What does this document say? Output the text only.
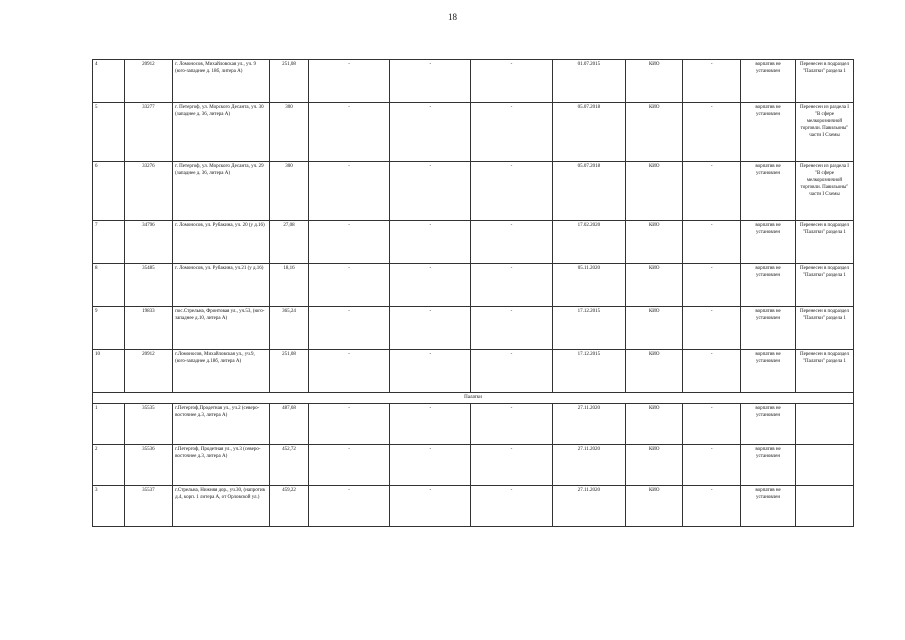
18
4	20912	г. Ломоносов, Михайловская ул., уч. 9 (юго-западнее д. 18б, литера А)	251,08	-	-	-	01.07.2015	КИО	-	ворпатив не установлен	Перенесен в подраздел "Палатки" раздела 1
5	33277	г. Петергоф, ул. Морского Десанта, уч. 30 (западнее д. 36, литера А)	300	-	-	-	05.07.2018	КИО	-	ворпатив не установлен	Перенесен из раздела I "В сфере мелкорозничной торговли. Павильоны" части I Схемы
6	33276	г. Петергоф, ул. Морского Десанта, уч. 29 (западнее д. 36, литера А)	300	-	-	-	05.07.2018	КИО	-	ворпатив не установлен	Перенесен из раздела I "В сфере мелкорозничной торговли. Павильоны" части I Схемы
7	34796	г. Ломоносов, ул. Рубакина, уч. 20 (у д.16)	27,08	-	-	-	17.02.2020	КИО	-	ворпатив не установлен	Перенесен в подраздел "Палатки" раздела 1
8	35485	г. Ломоносов, ул. Рубакина, уч.21 (у д.16)	18,16	-	-	-	05.11.2020	КИО	-	ворпатив не установлен	Перенесен в подраздел "Палатки" раздела 1
9	19833	пос.Стрельна, Фронтовая ул., уч.53, (юго-западнее д.10, литера А)	365,24	-	-	-	17.12.2015	КИО	-	ворпатив не установлен	Перенесен в подраздел "Палатки" раздела 1
10	20912	г.Ломоносов, Михайловская ул., уч.9, (юго-западнее д.18б, литера А)	251,08	-	-	-	17.12.2015	КИО	-	ворпатив не установлен	Перенесен в подраздел "Палатки" раздела 1
Палатки											
1	35535	г.Петергоф,Продетная ул., уч.2 (северо-восточнее д.3, литера А)	487,68	-	-	-	27.11.2020	КИО	-	ворпатив не установлен	
2	35536	г.Петергоф, Продетная ул., уч.3 (северо-восточнее д.3, литера А)	452,72	-	-	-	27.11.2020	КИО	-	ворпатив не установлен	
3	35537	г.Стрельна, Нижняя дор., уч.30, (напротив д.4, корп. 1 литера А, от Орловской ул.)	459,22	-	-	-	27.11.2020	КИО	-	ворпатив не установлен	
